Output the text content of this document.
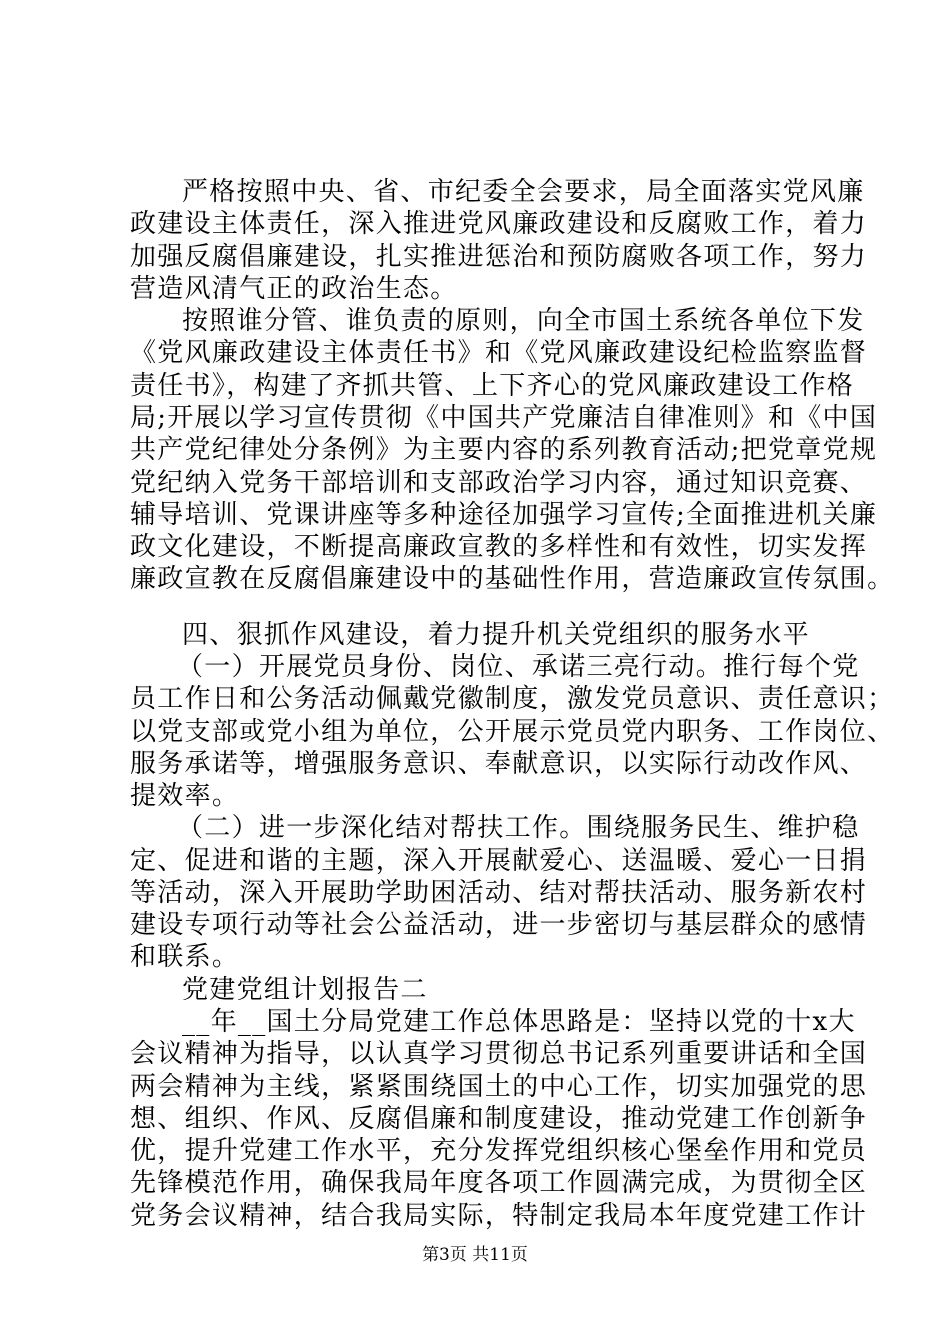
严格按照中央、省、市纪委全会要求，局全面落实党风廉
政建设主体责任，深入推进党风廉政建设和反腐败工作，着力
加强反腐倡廉建设，扎实推进惩治和预防腐败各项工作，努力
营造风清气正的政治生态。
按照谁分管、谁负责的原则，向全市国土系统各单位下发
《党风廉政建设主体责任书》和《党风廉政建设纪检监察监督
责任书》，构建了齐抓共管、上下齐心的党风廉政建设工作格
局;开展以学习宣传贯彻《中国共产党廉洁自律准则》和《中国
共产党纪律处分条例》为主要内容的系列教育活动;把党章党规
党纪纳入党务干部培训和支部政治学习内容，通过知识竞赛、
辅导培训、党课讲座等多种途径加强学习宣传;全面推进机关廉
政文化建设，不断提高廉政宣教的多样性和有效性，切实发挥
廉政宣教在反腐倡廉建设中的基础性作用，营造廉政宣传氛围。
四、狠抓作风建设，着力提升机关党组织的服务水平
（一）开展党员身份、岗位、承诺三亮行动。推行每个党
员工作日和公务活动佩戴党徽制度，激发党员意识、责任意识；
以党支部或党小组为单位，公开展示党员党内职务、工作岗位、
服务承诺等，增强服务意识、奉献意识，以实际行动改作风、
提效率。
（二）进一步深化结对帮扶工作。围绕服务民生、维护稳
定、促进和谐的主题，深入开展献爱心、送温暖、爱心一日捐
等活动，深入开展助学助困活动、结对帮扶活动、服务新农村
建设专项行动等社会公益活动，进一步密切与基层群众的感情
和联系。
党建党组计划报告二
__年__国土分局党建工作总体思路是：坚持以党的十x大
会议精神为指导，以认真学习贯彻总书记系列重要讲话和全国
两会精神为主线，紧紧围绕国土的中心工作，切实加强党的思
想、组织、作风、反腐倡廉和制度建设，推动党建工作创新争
优，提升党建工作水平，充分发挥党组织核心堡垒作用和党员
先锋模范作用，确保我局年度各项工作圆满完成，为贯彻全区
党务会议精神，结合我局实际，特制定我局本年度党建工作计
第3页 共11页
